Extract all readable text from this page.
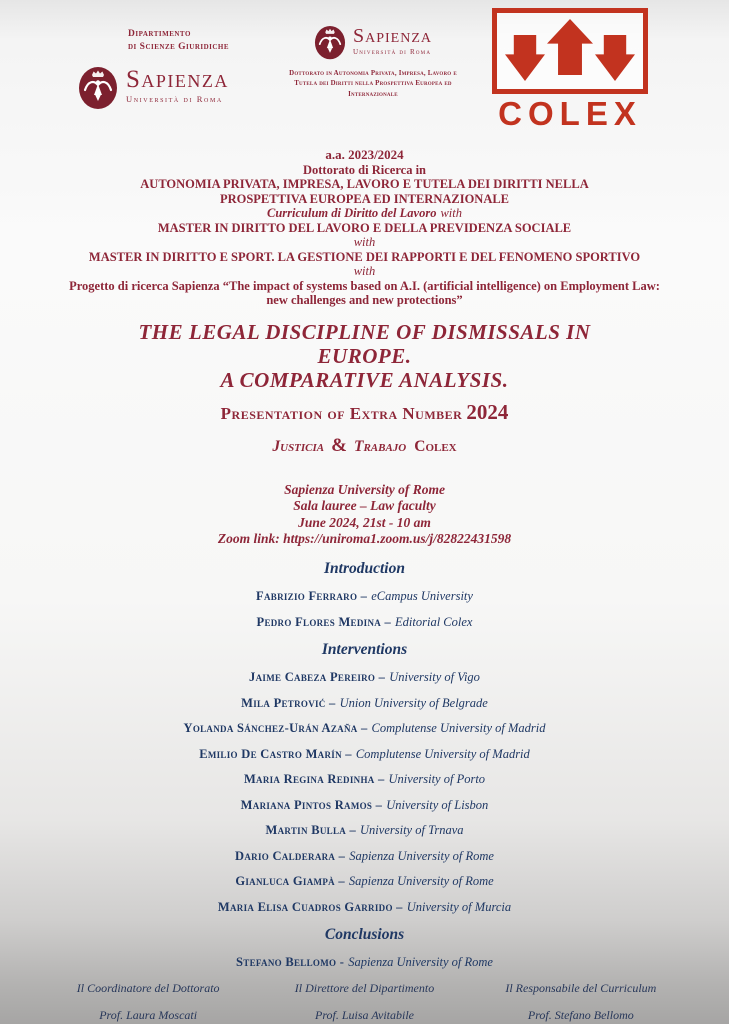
Dipartimento
di Scienze Giuridiche
Sapienza
Università di Roma
Sapienza
Università di Roma
Dottorato in Autonomia Privata, Impresa, Lavoro e Tutela dei Diritti nella Prospettiva Europea ed Internazionale
COLEX
a.a. 2023/2024
Dottorato di Ricerca in
AUTONOMIA PRIVATA, IMPRESA, LAVORO E TUTELA DEI DIRITTI NELLA
PROSPETTIVA EUROPEA ED INTERNAZIONALE
Curriculum di Diritto del Lavoro with
MASTER IN DIRITTO DEL LAVORO E DELLA PREVIDENZA SOCIALE
with
MASTER IN DIRITTO E SPORT. LA GESTIONE DEI RAPPORTI E DEL FENOMENO SPORTIVO
with
Progetto di ricerca Sapienza “The impact of systems based on A.I. (artificial intelligence) on Employment Law:
new challenges and new protections”
THE LEGAL DISCIPLINE OF DISMISSALS IN
EUROPE.
A COMPARATIVE ANALYSIS.
Presentation of Extra Number 2024
Justicia & Trabajo Colex
Sapienza University of Rome
Sala lauree – Law faculty
June 2024, 21st - 10 am
Zoom link: https://uniroma1.zoom.us/j/82822431598
Introduction
Fabrizio Ferraro – eCampus University
Pedro Flores Medina – Editorial Colex
Interventions
Jaime Cabeza Pereiro – University of Vigo
Mila Petrović – Union University of Belgrade
Yolanda Sánchez-Urán Azaña – Complutense University of Madrid
Emilio De Castro Marín – Complutense University of Madrid
Maria Regina Redinha – University of Porto
Mariana Pintos Ramos – University of Lisbon
Martin Bulla – University of Trnava
Dario Calderara – Sapienza University of Rome
Gianluca Giampà – Sapienza University of Rome
Maria Elisa Cuadros Garrido – University of Murcia
Conclusions
Stefano Bellomo - Sapienza University of Rome
Il Coordinatore del Dottorato
Prof. Laura Moscati
Il Direttore del Dipartimento
Prof. Luisa Avitabile
Il Responsabile del Curriculum
Prof. Stefano Bellomo
